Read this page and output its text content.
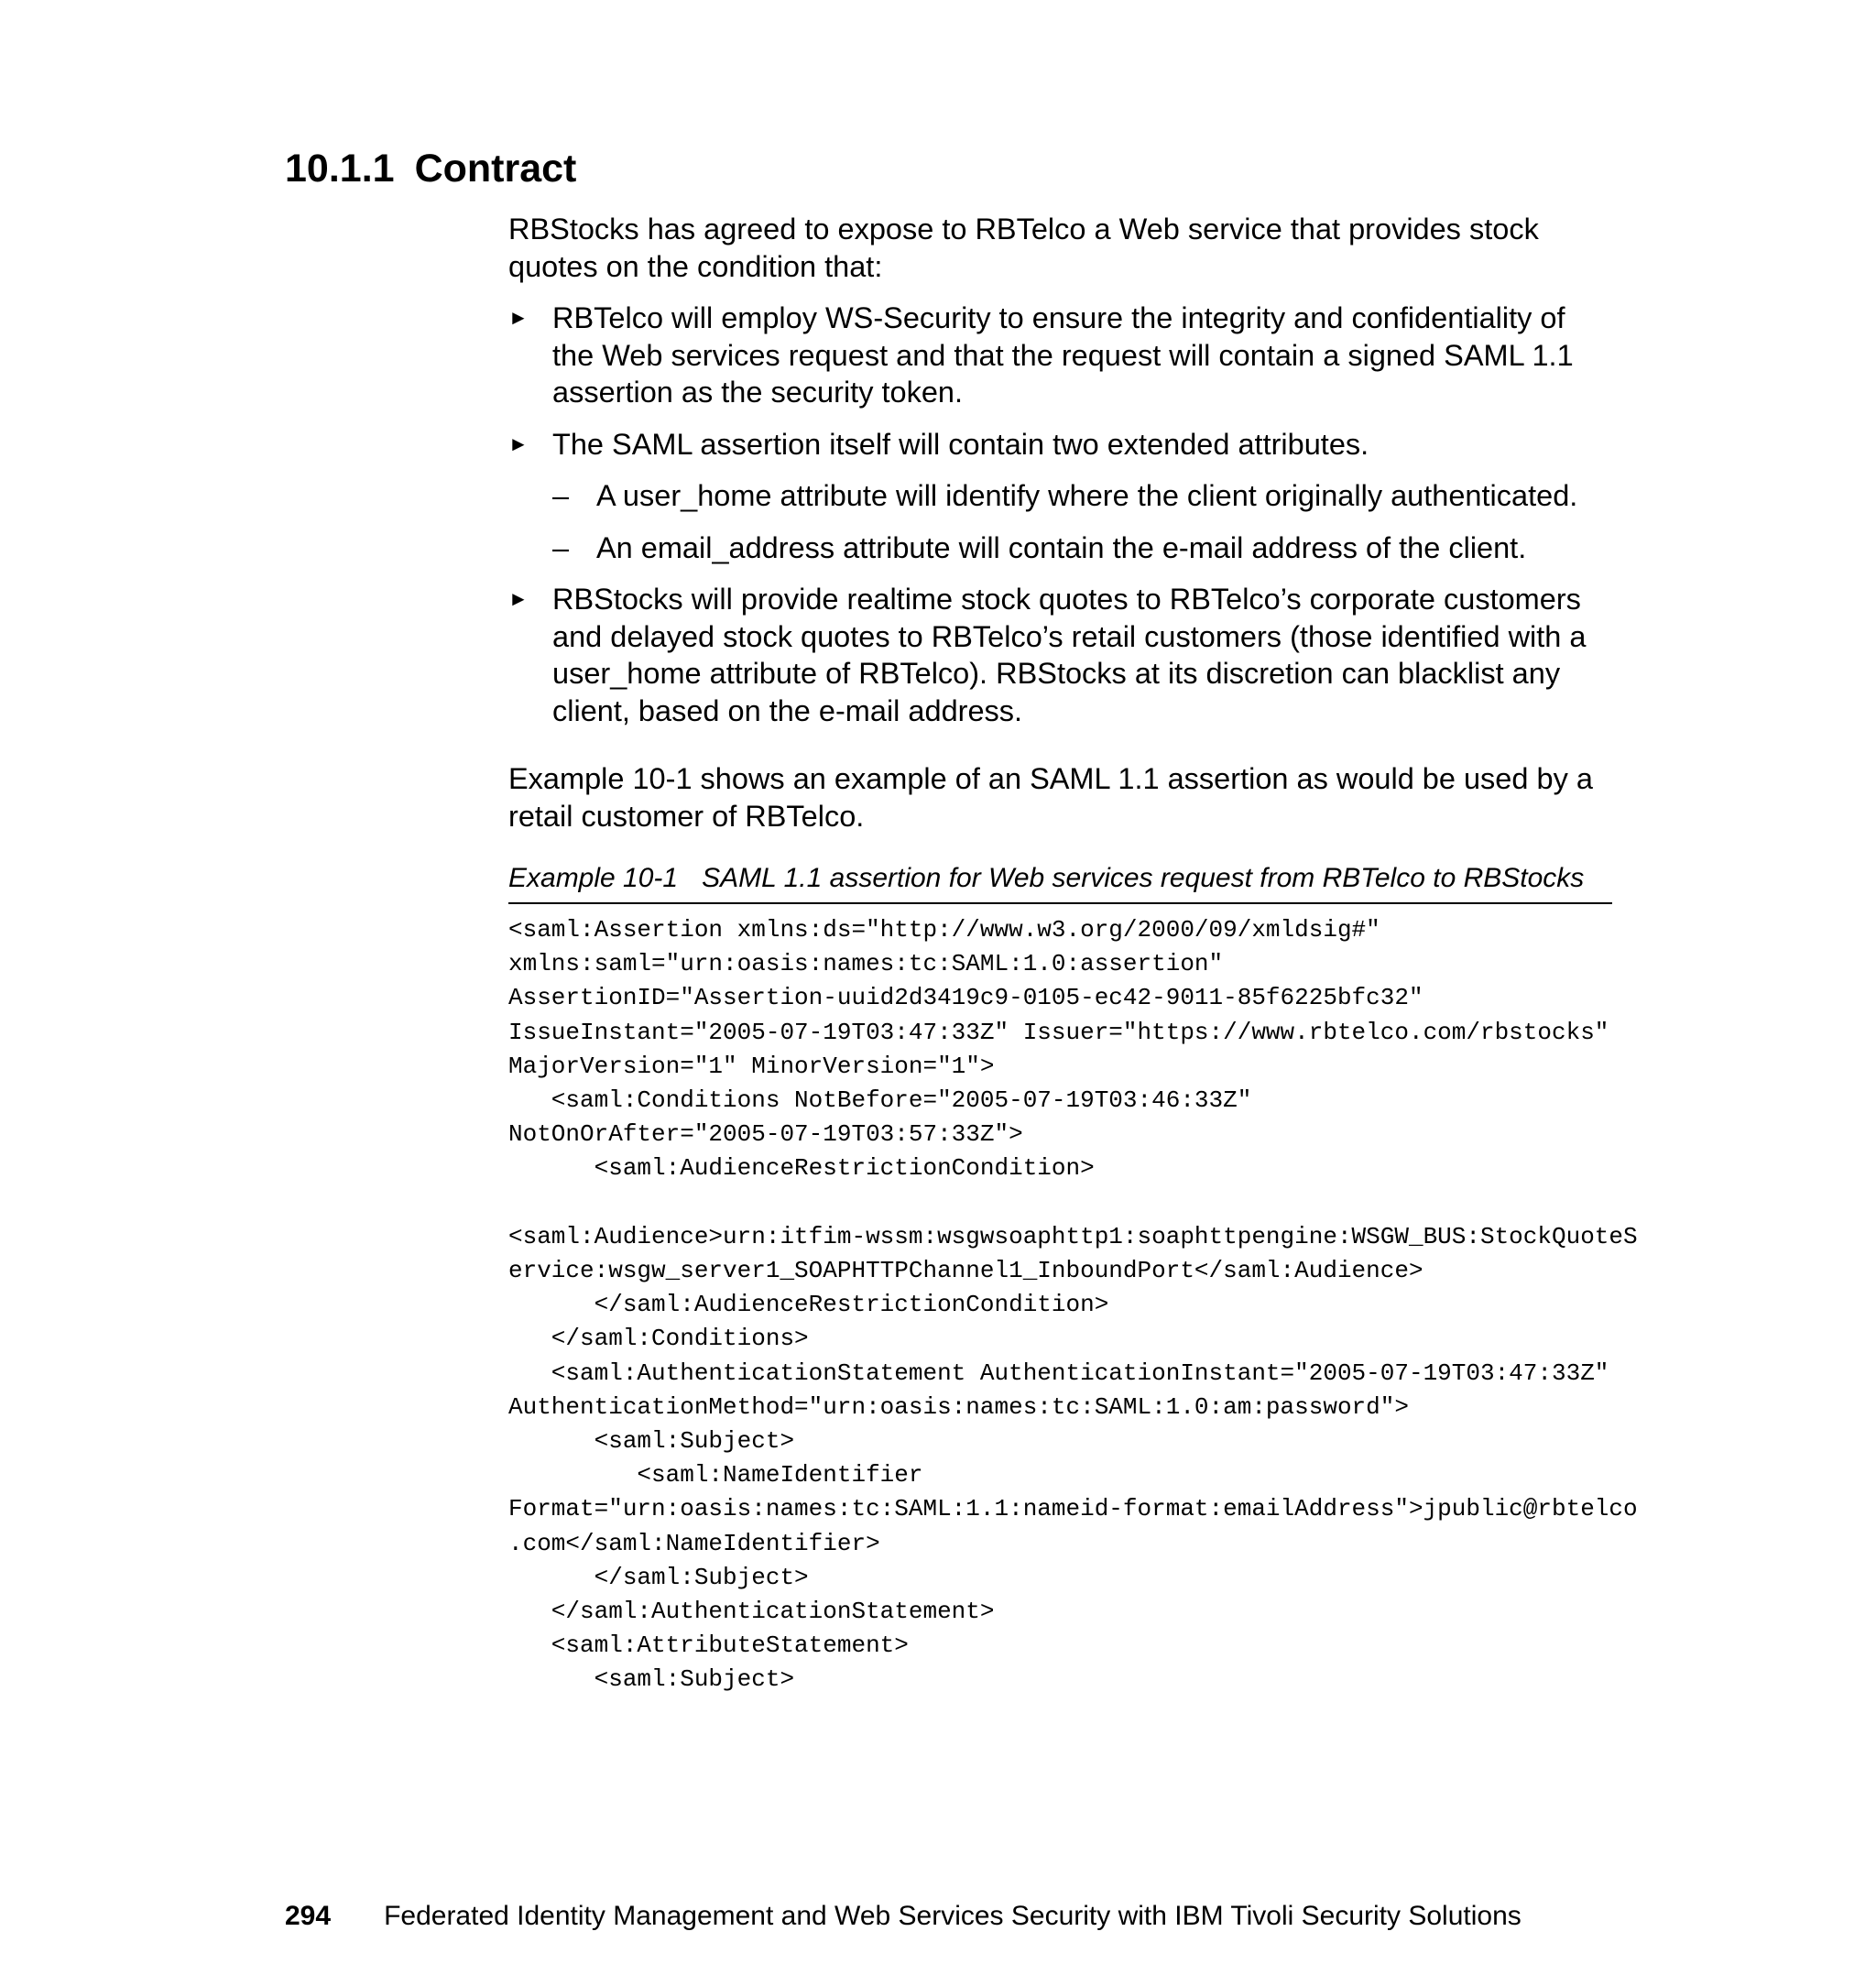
10.1.1 Contract

RBStocks has agreed to expose to RBTelco a Web service that provides stock quotes on the condition that:

► RBTelco will employ WS-Security to ensure the integrity and confidentiality of the Web services request and that the request will contain a signed SAML 1.1 assertion as the security token.
► The SAML assertion itself will contain two extended attributes.
– A user_home attribute will identify where the client originally authenticated.
– An email_address attribute will contain the e-mail address of the client.
► RBStocks will provide realtime stock quotes to RBTelco’s corporate customers and delayed stock quotes to RBTelco’s retail customers (those identified with a user_home attribute of RBTelco). RBStocks at its discretion can blacklist any client, based on the e-mail address.

Example 10-1 shows an example of an SAML 1.1 assertion as would be used by a retail customer of RBTelco.

Example 10-1 SAML 1.1 assertion for Web services request from RBTelco to RBStocks
<saml:Assertion xmlns:ds="http://www.w3.org/2000/09/xmldsig#"
xmlns:saml="urn:oasis:names:tc:SAML:1.0:assertion"
AssertionID="Assertion-uuid2d3419c9-0105-ec42-9011-85f6225bfc32"
IssueInstant="2005-07-19T03:47:33Z" Issuer="https://www.rbtelco.com/rbstocks"
MajorVersion="1" MinorVersion="1">
<saml:Conditions NotBefore="2005-07-19T03:46:33Z"
NotOnOrAfter="2005-07-19T03:57:33Z">
<saml:AudienceRestrictionCondition>
<saml:Audience>urn:itfim-wssm:wsgwsoaphttp1:soaphttpengine:WSGW_BUS:StockQuoteS
ervice:wsgw_server1_SOAPHTTPChannel1_InboundPort</saml:Audience>
</saml:AudienceRestrictionCondition>
</saml:Conditions>
<saml:AuthenticationStatement AuthenticationInstant="2005-07-19T03:47:33Z"
AuthenticationMethod="urn:oasis:names:tc:SAML:1.0:am:password">
<saml:Subject>
<saml:NameIdentifier
Format="urn:oasis:names:tc:SAML:1.1:nameid-format:emailAddress">jpublic@rbtelco
.com</saml:NameIdentifier>
</saml:Subject>
</saml:AuthenticationStatement>
<saml:AttributeStatement>
<saml:Subject>
294 Federated Identity Management and Web Services Security with IBM Tivoli Security Solutions
